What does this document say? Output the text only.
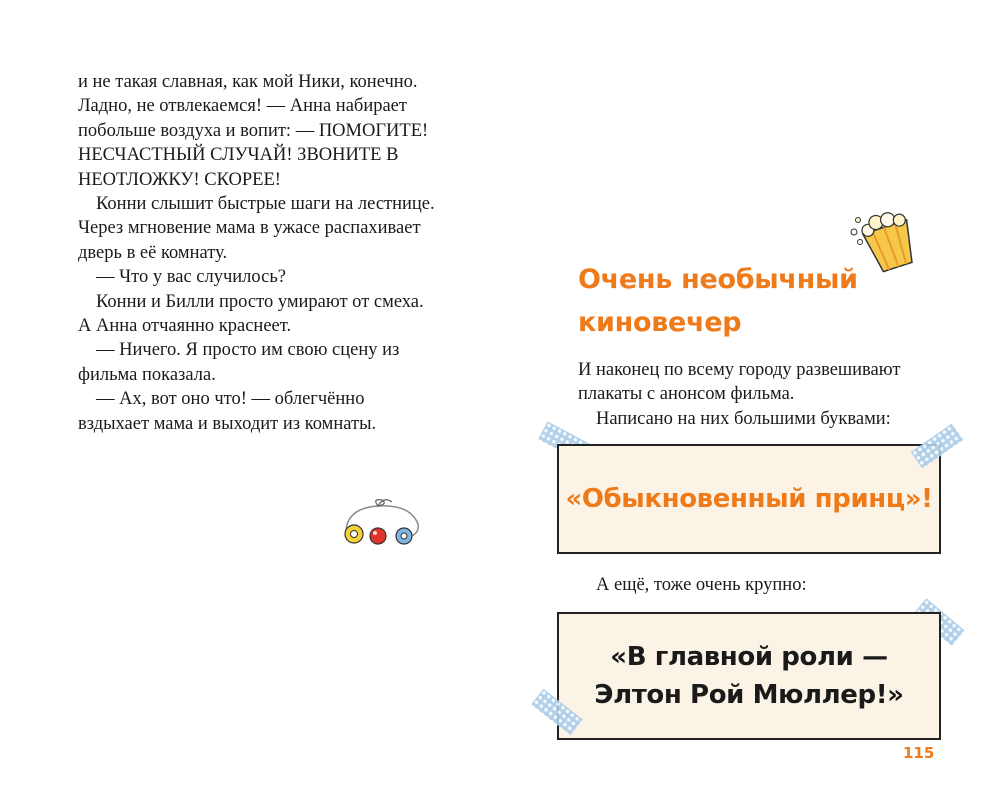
и не такая славная, как мой Ники, конечно. Ладно, не отвлекаемся! — Анна набирает побольше воздуха и вопит: — ПОМОГИТЕ! НЕСЧАСТНЫЙ СЛУЧАЙ! ЗВОНИТЕ В НЕОТЛОЖКУ! СКОРЕЕ!

Конни слышит быстрые шаги на лестнице. Через мгновение мама в ужасе распахивает дверь в её комнату.

— Что у вас случилось?

Конни и Билли просто умирают от смеха. А Анна отчаянно краснеет.

— Ничего. Я просто им свою сцену из фильма показала.

— Ах, вот оно что! — облегчённо вздыхает мама и выходит из комнаты.

Очень необычный киновечер

И наконец по всему городу развешивают плакаты с анонсом фильма.

Написано на них большими буквами:

«Обыкновенный принц»!

А ещё, тоже очень крупно:

«В главной роли —
Элтон Рой Мюллер!»
115
